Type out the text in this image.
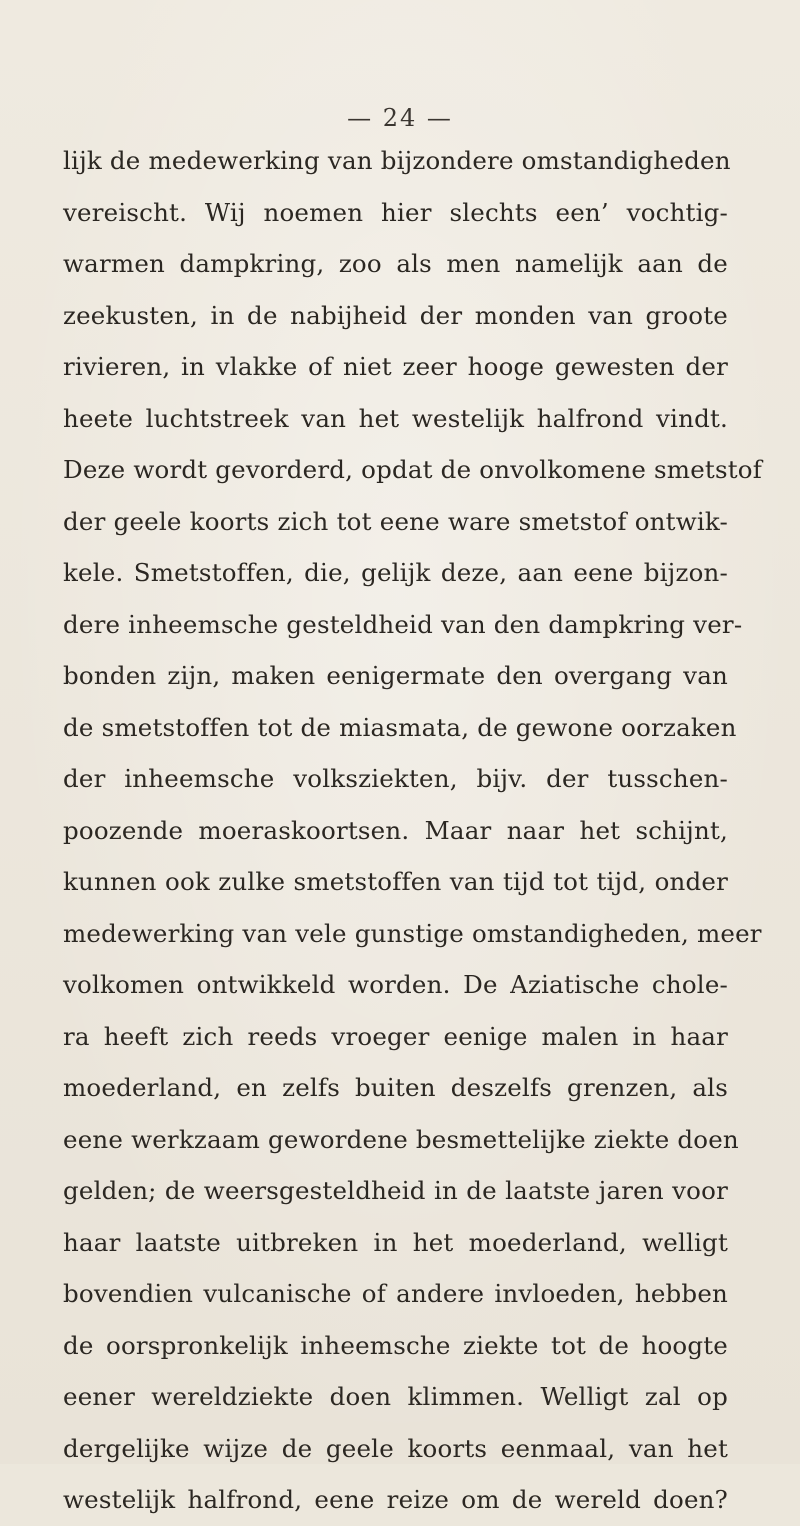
— 24 —
lijk de medewerking van bijzondere omstandigheden
vereischt. Wij noemen hier slechts een’ vochtig-
warmen dampkring, zoo als men namelijk aan de
zeekusten, in de nabijheid der monden van groote
rivieren, in vlakke of niet zeer hooge gewesten der
heete luchtstreek van het westelijk halfrond vindt.
Deze wordt gevorderd, opdat de onvolkomene smetstof
der geele koorts zich tot eene ware smetstof ontwik-
kele. Smetstoffen, die, gelijk deze, aan eene bijzon-
dere inheemsche gesteldheid van den dampkring ver-
bonden zijn, maken eenigermate den overgang van
de smetstoffen tot de miasmata, de gewone oorzaken
der inheemsche volksziekten, bijv. der tusschen-
poozende moeraskoortsen. Maar naar het schijnt,
kunnen ook zulke smetstoffen van tijd tot tijd, onder
medewerking van vele gunstige omstandigheden, meer
volkomen ontwikkeld worden. De Aziatische chole-
ra heeft zich reeds vroeger eenige malen in haar
moederland, en zelfs buiten deszelfs grenzen, als
eene werkzaam gewordene besmettelijke ziekte doen
gelden; de weersgesteldheid in de laatste jaren voor
haar laatste uitbreken in het moederland, welligt
bovendien vulcanische of andere invloeden, hebben
de oorspronkelijk inheemsche ziekte tot de hoogte
eener wereldziekte doen klimmen. Welligt zal op
dergelijke wijze de geele koorts eenmaal, van het
westelijk halfrond, eene reize om de wereld doen?
